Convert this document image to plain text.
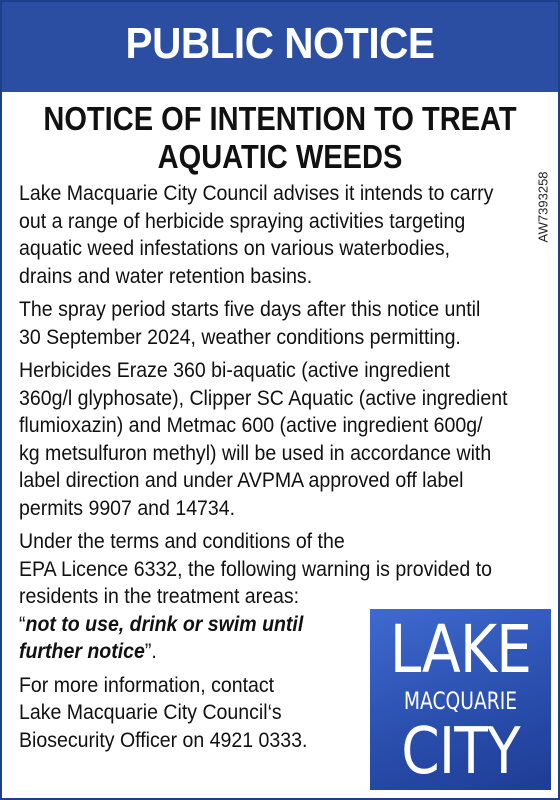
PUBLIC NOTICE
NOTICE OF INTENTION TO TREAT
AQUATIC WEEDS
AW7393258
Lake Macquarie City Council advises it intends to carry
out a range of herbicide spraying activities targeting
aquatic weed infestations on various waterbodies,
drains and water retention basins.
The spray period starts five days after this notice until
30 September 2024, weather conditions permitting.
Herbicides Eraze 360 bi-aquatic (active ingredient
360g/l glyphosate), Clipper SC Aquatic (active ingredient
flumioxazin) and Metmac 600 (active ingredient 600g/
kg metsulfuron methyl) will be used in accordance with
label direction and under AVPMA approved off label
permits 9907 and 14734.
Under the terms and conditions of the
EPA Licence 6332, the following warning is provided to
residents in the treatment areas:
“not to use, drink or swim until
further notice”.
For more information, contact
Lake Macquarie City Council‘s
Biosecurity Officer on 4921 0333.
LAKE
MACQUARIE
CITY
